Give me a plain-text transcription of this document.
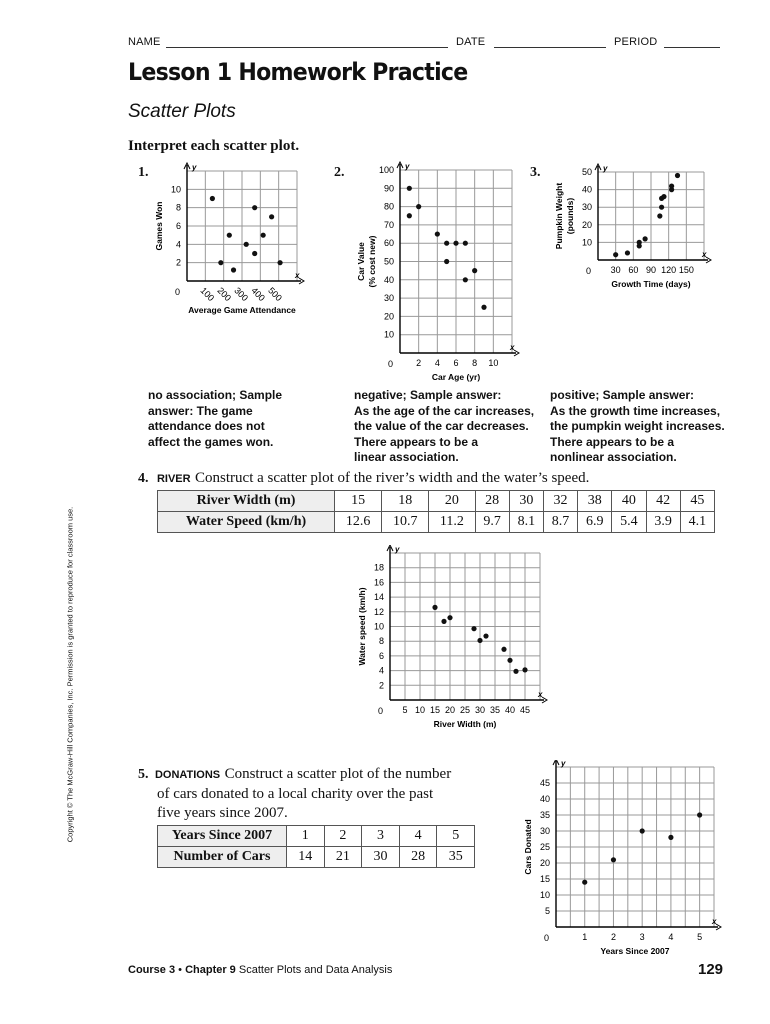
NAME	DATE	PERIOD
Lesson 1 Homework Practice
Scatter Plots
Interpret each scatter plot.
1.	2.	3.
y
x
0
2
4
6
8
10
100 200 300 400 500
Average Game Attendance
Games Won
y
x
0
10
20
30
40
50
60
70
80
90
100
2 4 6 8 10
Car Age (yr)
Car Value (% cost new)
y
x
0
10
20
30
40
50
30 60 90 120 150
Growth Time (days)
Pumpkin Weight (pounds)
no association; Sample
answer: The game
attendance does not
affect the games won.
negative; Sample answer:
As the age of the car increases,
the value of the car decreases.
There appears to be a
linear association.
positive; Sample answer:
As the growth time increases,
the pumpkin weight increases.
There appears to be a
nonlinear association.
4. RIVER Construct a scatter plot of the river’s width and the water’s speed.
River Width (m)	15	18	20	28	30	32	38	40	42	45
Water Speed (km/h)	12.6	10.7	11.2	9.7	8.1	8.7	6.9	5.4	3.9	4.1
y
x
0
2
4
6
8
10
12
14
16
18
5 10 15 20 25 30 35 40 45
River Width (m)
Water speed (km/h)
5. DONATIONS Construct a scatter plot of the number
of cars donated to a local charity over the past
five years since 2007.
Years Since 2007	1	2	3	4	5
Number of Cars	14	21	30	28	35
y
x
0
5
10
15
20
25
30
35
40
45
1	2	3	4	5
Years Since 2007
Cars Donated
Copyright © The McGraw-Hill Companies, Inc. Permission is granted to reproduce for classroom use.
Course 3 • Chapter 9 Scatter Plots and Data Analysis	129
